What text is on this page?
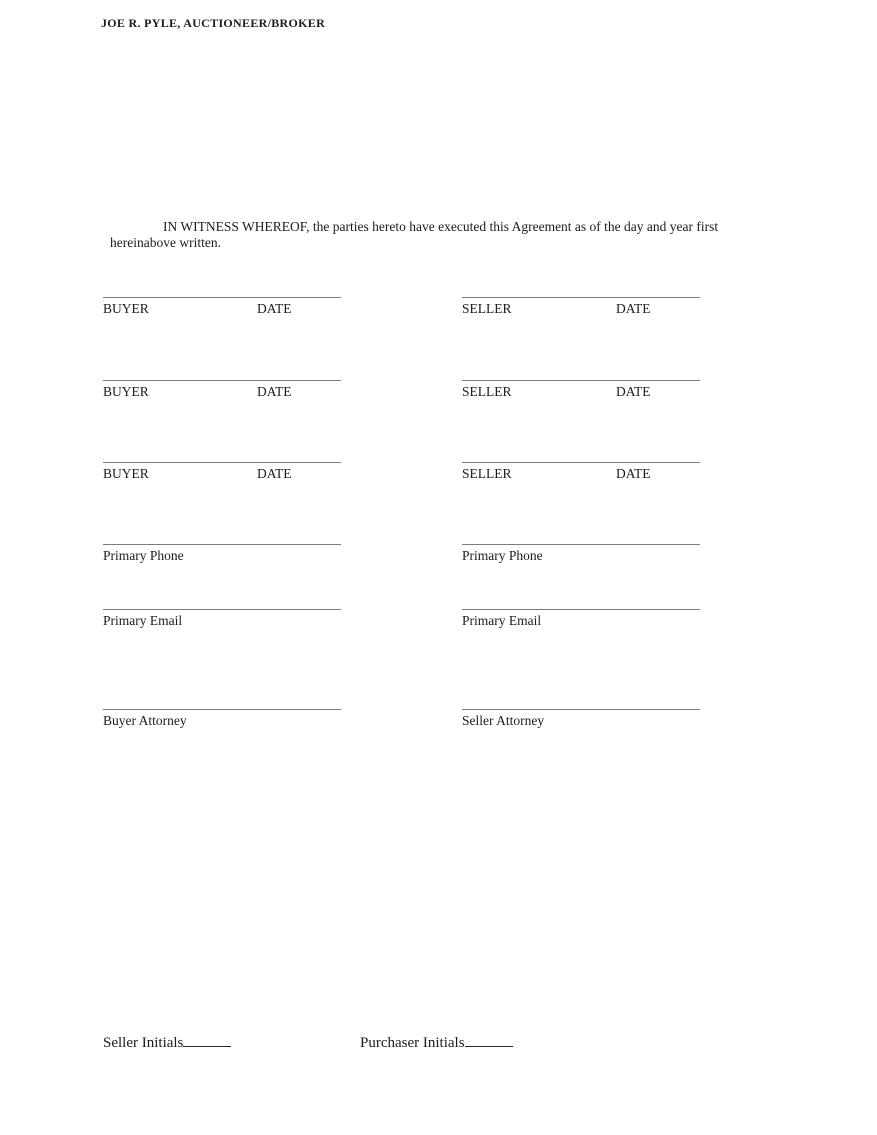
JOE R. PYLE, AUCTIONEER/BROKER

IN WITNESS WHEREOF, the parties hereto have executed this Agreement as of the day and year first hereinabove written.

BUYER	DATE	SELLER	DATE
BUYER	DATE	SELLER	DATE
BUYER	DATE	SELLER	DATE
Primary Phone	Primary Phone
Primary Email	Primary Email
Buyer Attorney	Seller Attorney
Seller Initials	Purchaser Initials
